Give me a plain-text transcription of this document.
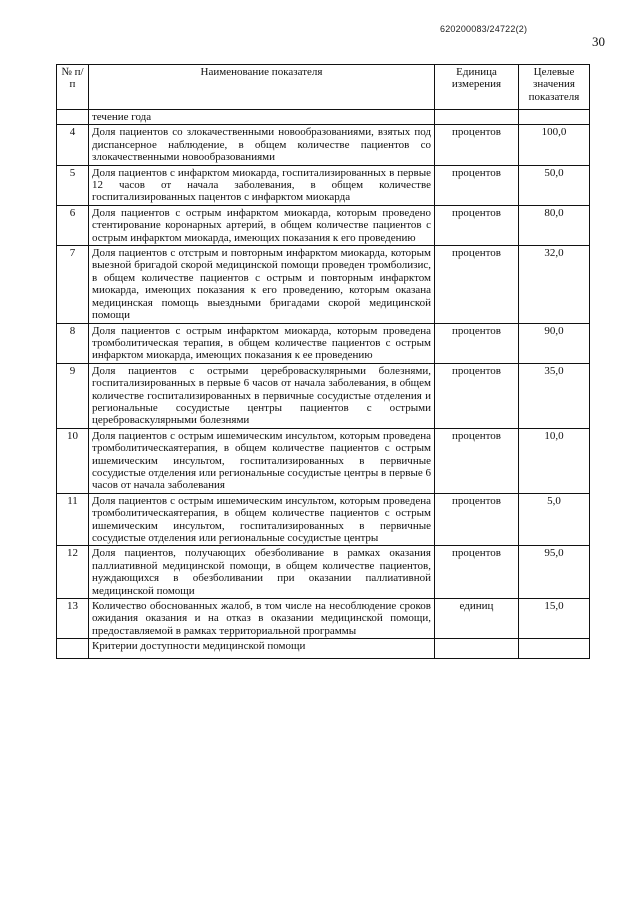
620200083/24722(2)
30
№ п/п	Наименование показателя	Единица измерения	Целевые значения показателя
	течение года		
4	Доля пациентов со злокачественными новообразованиями, взятых под диспансерное наблюдение, в общем количестве пациентов со злокачественными новообразованиями	процентов	100,0
5	Доля пациентов с инфарктом миокарда, госпитализированных в первые 12 часов от начала заболевания, в общем количестве госпитализированных пацентов с инфарктом миокарда	процентов	50,0
6	Доля пациентов с острым инфарктом миокарда, которым проведено стентирование коронарных артерий, в общем количестве пациентов с острым инфарктом миокарда, имеющих показания к его проведению	процентов	80,0
7	Доля пациентов с отстрым и повторным инфарктом миокарда, которым выезной бригадой скорой медицинской помощи проведен тромболизис, в общем количестве пациентов с острым и повторным инфарктом миокарда, имеющих показания к его проведению, которым оказана медицинская помощь выездными бригадами скорой медицинской помощи	процентов	32,0
8	Доля пациентов с острым инфарктом миокарда, которым проведена тромболитическая терапия, в общем количестве пациентов с острым инфарктом миокарда, имеющих показания к ее проведению	процентов	90,0
9	Доля пациентов с острыми цереброваскулярными болезнями, госпитализированных в первые 6 часов от начала заболевания, в общем количестве госпитализированных в первичные сосудистые отделения и региональные сосудистые центры пациентов с острыми цереброваскулярными болезнями	процентов	35,0
10	Доля пациентов с острым ишемическим инсультом, которым проведена тромболитическаятерапия, в общем количестве пациентов с острым ишемическим инсультом, госпитализированных в первичные сосудистые отделения или региональные сосудистые центры в первые 6 часов от начала заболевания	процентов	10,0
11	Доля пациентов с острым ишемическим инсультом, которым проведена тромболитическаятерапия, в общем количестве пациентов с острым ишемическим инсультом, госпитализированных в первичные сосудистые отделения или региональные сосудистые центры	процентов	5,0
12	Доля пациентов, получающих обезболивание в рамках оказания паллиативной медицинской помощи, в общем количестве пациентов, нуждающихся в обезболивании при оказании паллиативной медицинской помощи	процентов	95,0
13	Количество обоснованных жалоб, в том числе на несоблюдение сроков ожидания оказания и на отказ в оказании медицинской помощи, предоставляемой в рамках территориальной программы	единиц	15,0
	Критерии доступности медицинской помощи		
